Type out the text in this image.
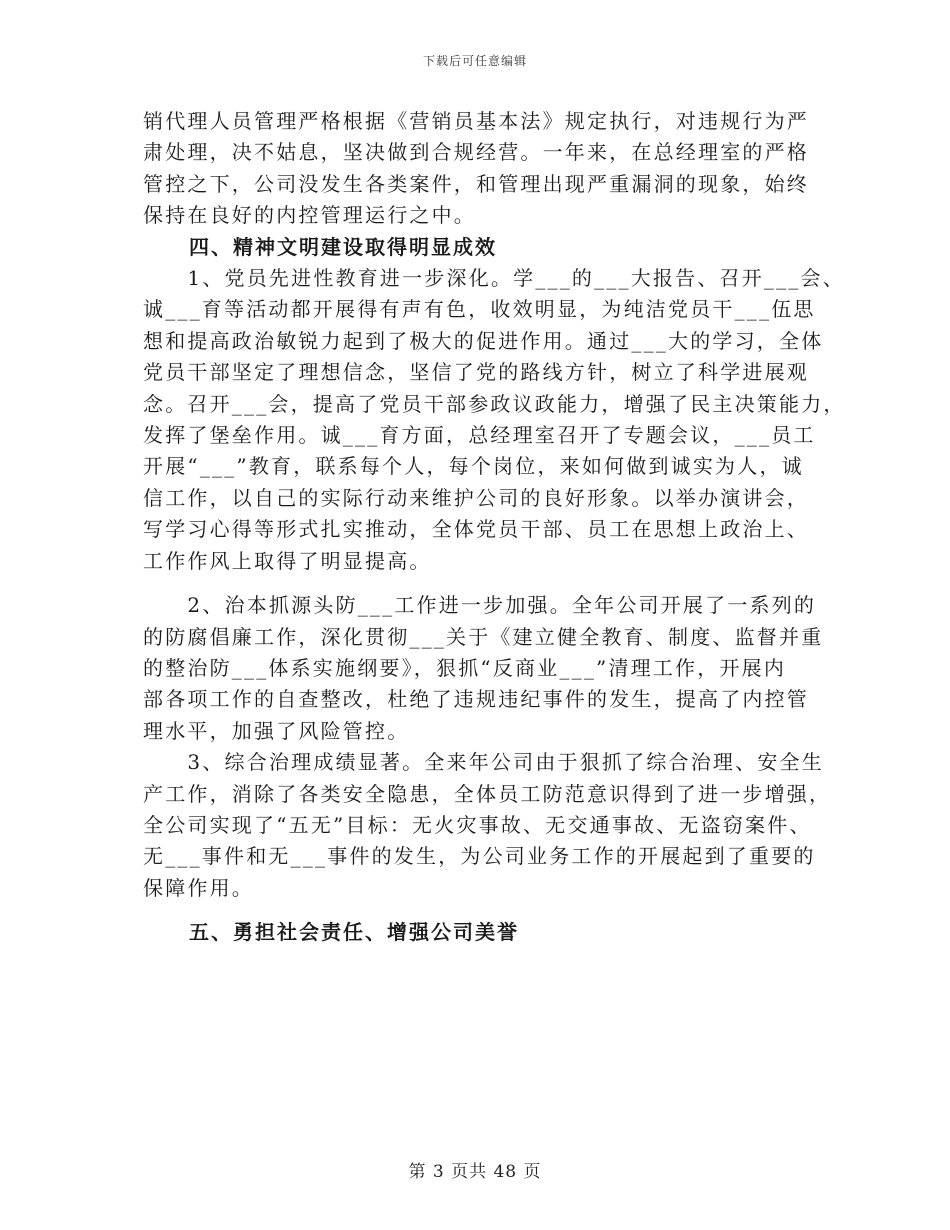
下载后可任意编辑
销代理人员管理严格根据《营销员基本法》规定执行，对违规行为严
肃处理，决不姑息，坚决做到合规经营。一年来，在总经理室的严格
管控之下，公司没发生各类案件，和管理出现严重漏洞的现象，始终
保持在良好的内控管理运行之中。
四、精神文明建设取得明显成效
　　1、党员先进性教育进一步深化。学___的___大报告、召开___会、
诚___育等活动都开展得有声有色，收效明显，为纯洁党员干___伍思
想和提高政治敏锐力起到了极大的促进作用。通过___大的学习，全体
党员干部坚定了理想信念，坚信了党的路线方针，树立了科学进展观
念。召开___会，提高了党员干部参政议政能力，增强了民主决策能力，
发挥了堡垒作用。诚___育方面，总经理室召开了专题会议，___员工
开展“___”教育，联系每个人，每个岗位，来如何做到诚实为人，诚
信工作，以自己的实际行动来维护公司的良好形象。以举办演讲会，
写学习心得等形式扎实推动，全体党员干部、员工在思想上政治上、
工作作风上取得了明显提高。
　　2、治本抓源头防___工作进一步加强。全年公司开展了一系列的
的防腐倡廉工作，深化贯彻___关于《建立健全教育、制度、监督并重
的整治防___体系实施纲要》，狠抓“反商业___”清理工作，开展内
部各项工作的自查整改，杜绝了违规违纪事件的发生，提高了内控管
理水平，加强了风险管控。
　　3、综合治理成绩显著。全来年公司由于狠抓了综合治理、安全生
产工作，消除了各类安全隐患，全体员工防范意识得到了进一步增强，
全公司实现了“五无”目标：无火灾事故、无交通事故、无盗窃案件、
无___事件和无___事件的发生，为公司业务工作的开展起到了重要的
保障作用。
五、勇担社会责任、增强公司美誉
第 3 页共 48 页
